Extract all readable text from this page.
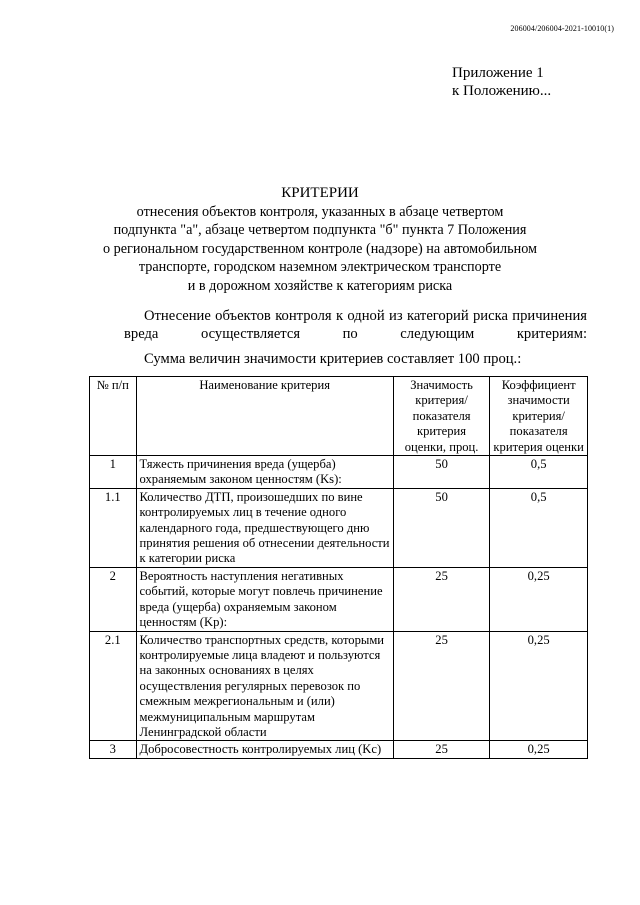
206004/206004-2021-10010(1)
Приложение 1
к Положению...
КРИТЕРИИ
отнесения объектов контроля, указанных в абзаце четвертом
подпункта "а", абзаце четвертом подпункта "б" пункта 7 Положения
о региональном государственном контроле (надзоре) на автомобильном
транспорте, городском наземном электрическом транспорте
и в дорожном хозяйстве к категориям риска
Отнесение объектов контроля к одной из категорий риска причинения вреда осуществляется по следующим критериям:
Сумма величин значимости критериев составляет 100 проц.:
№ п/п	Наименование критерия	Значимость критерия/ показателя критерия оценки, проц.	Коэффициент значимости критерия/ показателя критерия оценки
1	Тяжесть причинения вреда (ущерба) охраняемым законом ценностям (Ks):	50	0,5
1.1	Количество ДТП, произошедших по вине контролируемых лиц в течение одного календарного года, предшествующего дню принятия решения об отнесении деятельности к категории риска	50	0,5
2	Вероятность наступления негативных событий, которые могут повлечь причинение вреда (ущерба) охраняемым законом ценностям (Kp):	25	0,25
2.1	Количество транспортных средств, которыми контролируемые лица владеют и пользуются на законных основаниях в целях осуществления регулярных перевозок по смежным межрегиональным и (или) межмуниципальным маршрутам Ленинградской области	25	0,25
3	Добросовестность контролируемых лиц (Kc)	25	0,25
